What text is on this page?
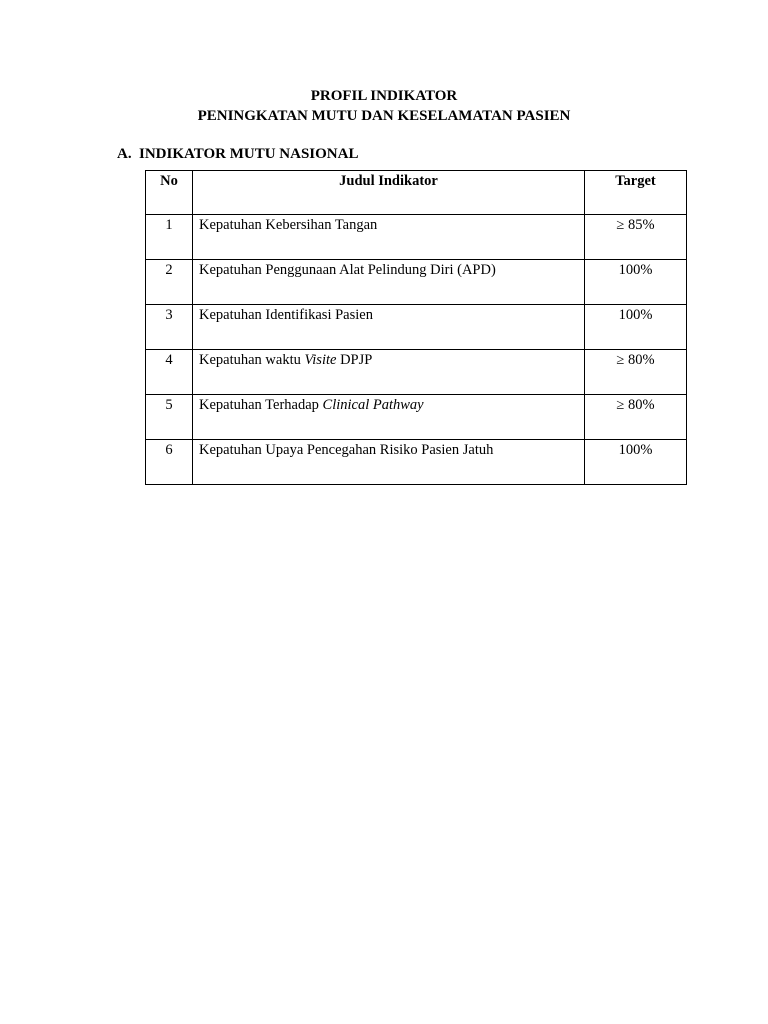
PROFIL INDIKATOR
PENINGKATAN MUTU DAN KESELAMATAN PASIEN
A. INDIKATOR MUTU NASIONAL
No	Judul Indikator	Target
1	Kepatuhan Kebersihan Tangan	≥ 85%
2	Kepatuhan Penggunaan Alat Pelindung Diri (APD)	100%
3	Kepatuhan Identifikasi Pasien	100%
4	Kepatuhan waktu Visite DPJP	≥ 80%
5	Kepatuhan Terhadap Clinical Pathway	≥ 80%
6	Kepatuhan Upaya Pencegahan Risiko Pasien Jatuh	100%
